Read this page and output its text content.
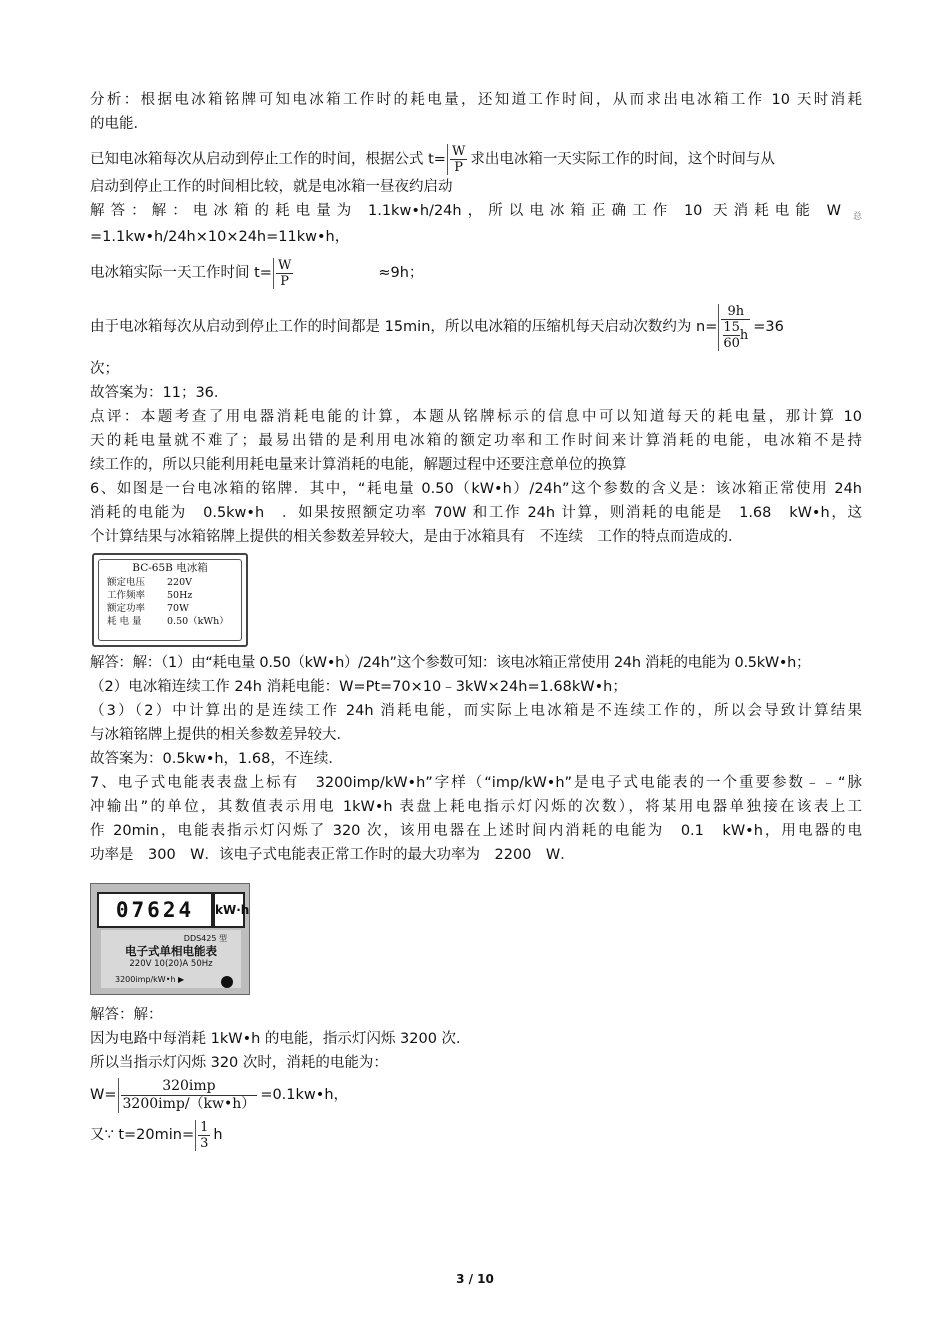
分析：根据电冰箱铭牌可知电冰箱工作时的耗电量，还知道工作时间，从而求出电冰箱工作 10 天时消耗
的电能．
已知电冰箱每次从启动到停止工作的时间，根据公式 $t= \frac{W}{P}$ 求出电冰箱一天实际工作的时间，这个时间与从
启动到停止工作的时间相比较，就是电冰箱一昼夜约启动
解答：解：电冰箱的耗电量为 1.1kw•h/24h，所以电冰箱正确工作 10 天消耗电能 W $_总$
=1.1kw•h/24h×10×24h=11kw•h，
电冰箱实际一天工作时间 $t= \frac{W}{P}$	≈9h；
由于电冰箱每次从启动到停止工作的时间都是 15min，所以电冰箱的压缩机每天启动次数约为 $n= \frac{9h}{\frac{15}{60} h} =36$
次；
故答案为：11；36．
点评：本题考查了用电器消耗电能的计算，本题从铭牌标示的信息中可以知道每天的耗电量，那计算 10
天的耗电量就不难了；最易出错的是利用电冰箱的额定功率和工作时间来计算消耗的电能，电冰箱不是持
续工作的，所以只能利用耗电量来计算消耗的电能，解题过程中还要注意单位的换算
6、如图是一台电冰箱的铭牌．其中，“耗电量 0.50（kW•h）/24h”这个参数的含义是：该冰箱正常使用 24h
消耗的电能为　0.5kw•h　．如果按照额定功率 70W 和工作 24h 计算，则消耗的电能是　1.68　kW•h，这
个计算结果与冰箱铭牌上提供的相关参数差异较大，是由于冰箱具有　不连续　工作的特点而造成的．
BC-65B 电冰箱
额定电压 220V
工作频率 50Hz
额定功率 70W
耗 电 量	0.50（kWh）
解答：解：（1）由“耗电量 0.50（kW•h）/24h”这个参数可知：该电冰箱正常使用 24h 消耗的电能为 0.5kW•h；
（2）电冰箱连续工作 24h 消耗电能：W=Pt=70×10﹣3kW×24h=1.68kW•h；
（3）（2）中计算出的是连续工作 24h 消耗电能，而实际上电冰箱是不连续工作的，所以会导致计算结果
与冰箱铭牌上提供的相关参数差异较大．
故答案为：0.5kw•h，1.68，不连续．
7、电子式电能表表盘上标有　3200imp/kW•h”字样（“imp/kW•h”是电子式电能表的一个重要参数﹣﹣“脉
冲输出”的单位，其数值表示用电 1kW•h 表盘上耗电指示灯闪烁的次数），将某用电器单独接在该表上工
作 20min，电能表指示灯闪烁了 320 次，该用电器在上述时间内消耗的电能为　0.1　kW•h，用电器的电
功率是　300　W．该电子式电能表正常工作时的最大功率为　2200　W．
07624	kW·h
DDS425 型
电子式单相电能表
220V 10(20)A 50Hz
3200imp/kW•h ▶
解答：解：
因为电路中每消耗 1kW•h 的电能，指示灯闪烁 3200 次．
所以当指示灯闪烁 320 次时，消耗的电能为：
$W= \frac{\text{320imp}}{\text{3200imp/（kw•h）}}$ =0.1kw•h，
又∵ $t=20\min= \frac{1}{3}$ h
3 / 10
